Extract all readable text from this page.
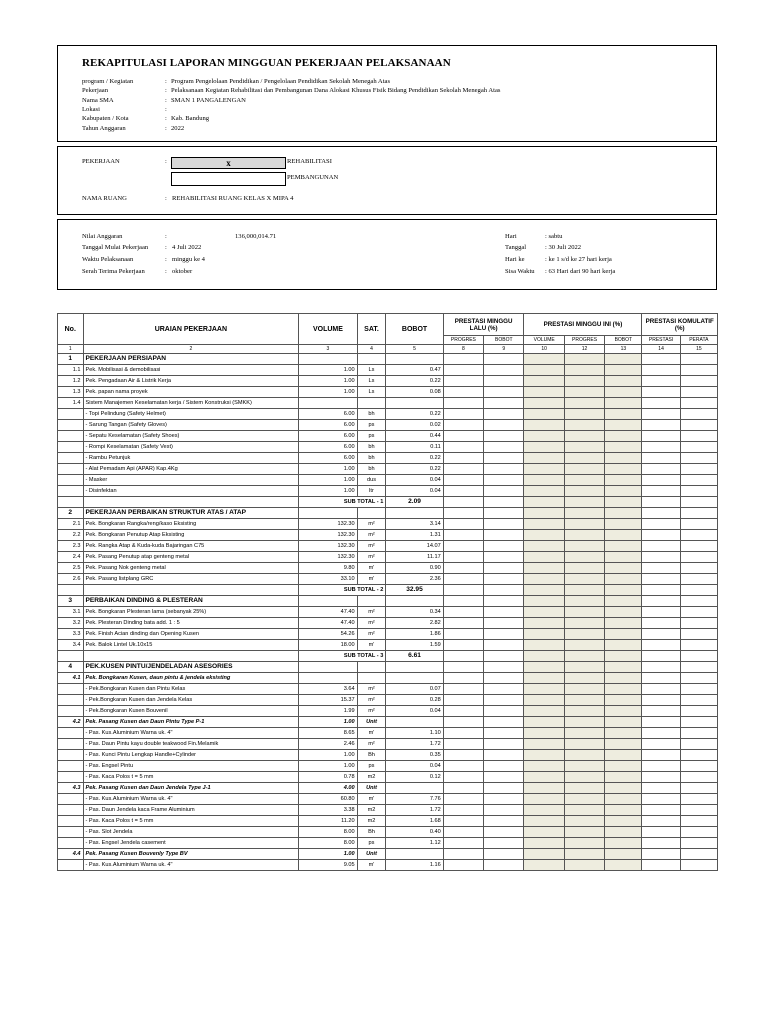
REKAPITULASI LAPORAN MINGGUAN PEKERJAAN PELAKSANAAN
program / Kegiatan	: Program Pengelolaan Pendidikan / Pengelolaan Pendidikan Sekolah Menegah Atas
Pekerjaan	: Pelaksanaan Kegiatan Rehabilitasi dan Pembangunan Dana Alokasi Khusus Fisik Bidang Pendidikan Sekolah Menegah Atas
Nama SMA	: SMAN 1 PANGALENGAN
Lokasi	:
Kabupaten / Kota	: Kab. Bandung
Tahun Anggaran	: 2022
PEKERJAAN	:	x	REHABILITASI
PEMBANGUNAN
NAMA RUANG	: REHABILITASI RUANG KELAS X MIPA 4
Nilai Anggaran	:	136,000,014.71
Tanggal Mulai Pekerjaan	: 4 Juli 2022
Waktu Pelaksanaan	: minggu ke 4
Serah Terima Pekerjaan	: oktober
Hari	: sabtu
Tanggal	: 30 Juli 2022
Hari ke	: ke 1 s/d ke 27 hari kerja
Sisa Waktu : 63 Hari dari 90 hari kerja
No.	URAIAN PEKERJAAN	VOLUME	SAT.	BOBOT	PRESTASI MINGGU LALU (%)		PRESTASI MINGGU INI (%)			PRESTASI KOMULATIF (%)	
					PROGRES	BOBOT	VOLUME	PROGRES	BOBOT	PRESTASI	PERATA
1	2	3	4	5	8	9	10	12	13	14	15
1	PEKERJAAN PERSIAPAN										
1.1	Pek. Mobilisasi & demobilisasi	1.00	Ls	0.47							
1.2	Pek. Pengadaan Air & Listrik Kerja	1.00	Ls	0.22							
1.3	Pek. papan nama proyek	1.00	Ls	0.08							
1.4	Sistem Manajemen Keselamatan kerja / Sistem Konstruksi (SMKK)										
	- Topi Pelindung (Safety Helmet)	6.00	bh	0.22							
	- Sarung Tangan (Safety Gloves)	6.00	ps	0.02							
	- Sepatu Keselamatan (Safety Shoes)	6.00	ps	0.44							
	- Rompi Keselamatan (Safety Vest)	6.00	bh	0.11							
	- Rambu Petunjuk	6.00	bh	0.22							
	- Alat Pemadam Api (APAR) Kap.4Kg	1.00	bh	0.22							
	- Masker	1.00	dus	0.04							
	- Disinfektan	1.00	ltr	0.04							
		SUB TOTAL - 1		2.09							
2	PEKERJAAN PERBAIKAN STRUKTUR ATAS / ATAP										
2.1	Pek. Bongkaran Rangka/reng/kaso Eksisting	132.30	m²	3.14							
2.2	Pek. Bongkaran Penutup Atap Eksisting	132.30	m²	1.31							
2.3	Pek. Rangka Atap & Kuda-kuda Bajaringan C75	132.30	m²	14.07							
2.4	Pek. Pasang Penutup atap genteng metal	132.30	m²	11.17							
2.5	Pek. Pasang Nok genteng metal	9.80	m'	0.90							
2.6	Pek. Pasang listplang GRC	33.10	m'	2.36							
		SUB TOTAL - 2		32.95							
3	PERBAIKAN DINDING & PLESTERAN										
3.1	Pek. Bongkaran Plesteran lama (sebanyak 25%)	47.40	m²	0.34							
3.2	Pek. Plesteran Dinding bata add. 1 : 5	47.40	m²	2.82							
3.3	Pek. Finish Acian dinding dan Opening Kusen	54.26	m²	1.86							
3.4	Pek. Balok Lintel Uk.10x15	18.00	m'	1.59							
		SUB TOTAL - 3		6.61							
4	PEK.KUSEN PINTU/JENDELADAN ASESORIES										
4.1	Pek. Bongkaran Kusen, daun pintu & jendela eksisting										
	- Pek.Bongkaran Kusen dan Pintu Kelas	3.64	m²	0.07							
	- Pek.Bongkaran Kusen dan Jendela Kelas	15.37	m²	0.28							
	- Pek.Bongkaran Kusen Bouvenil	1.99	m²	0.04							
4.2	Pek. Pasang Kusen dan Daun Pintu Type P-1	1.00	Unit								
	- Pas. Kus.Aluminium Warna uk. 4"	8.65	m'	1.10							
	- Pas. Daun Pintu kayu double teakwood Fin.Melamik	2.46	m²	1.72							
	- Pas. Kunci Pintu Lengkap Handle+Cylinder	1.00	Bh	0.35							
	- Pas. Engsel Pintu	1.00	ps	0.04							
	- Pas. Kaca Polos t = 5 mm	0.78	m2	0.12							
4.3	Pek. Pasang Kusen dan Daun Jendela Type J-1	4.00	Unit								
	- Pas. Kus.Aluminium Warna uk. 4"	60.80	m'	7.76							
	- Pas. Daun Jendela kaca Frame Aluminium	3.38	m2	1.72							
	- Pas. Kaca Polos t = 5 mm	11.20	m2	1.68							
	- Pas. Slot Jendela	8.00	Bh	0.40							
	- Pas. Engsel Jendela casement	8.00	ps	1.12							
4.4	Pek. Pasang Kusen Bouvenly Type BV	1.00	Unit								
	- Pas. Kus.Aluminium Warna uk. 4"	9.05	m'	1.16							
